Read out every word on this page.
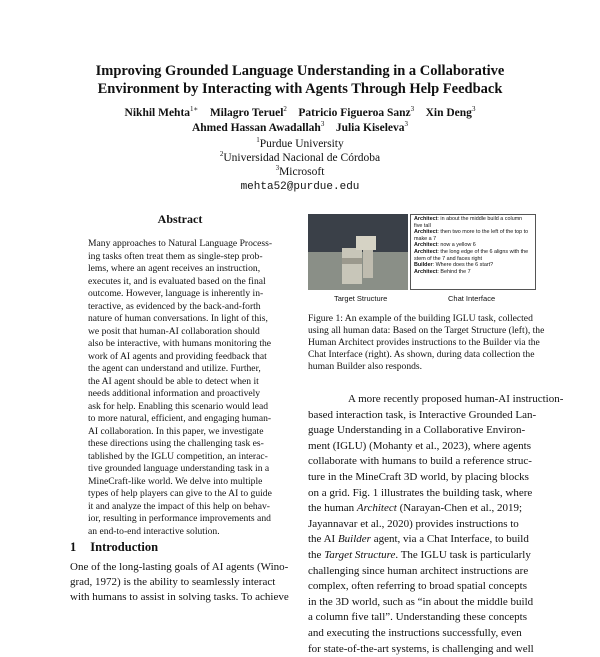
Improving Grounded Language Understanding in a Collaborative
Environment by Interacting with Agents Through Help Feedback
Nikhil Mehta$^{1∗}$ Milagro Teruel$^2$ Patricio Figueroa Sanz$^3$ Xin Deng$^3$
Ahmed Hassan Awadallah$^3$ Julia Kiseleva$^3$
$^1$Purdue University
$^2$Universidad Nacional de Córdoba
$^3$Microsoft
mehta52@purdue.edu
Abstract
Many approaches to Natural Language Process-
ing tasks often treat them as single-step prob-
lems, where an agent receives an instruction,
executes it, and is evaluated based on the final
outcome. However, language is inherently in-
teractive, as evidenced by the back-and-forth
nature of human conversations. In light of this,
we posit that human-AI collaboration should
also be interactive, with humans monitoring the
work of AI agents and providing feedback that
the agent can understand and utilize. Further,
the AI agent should be able to detect when it
needs additional information and proactively
ask for help. Enabling this scenario would lead
to more natural, efficient, and engaging human-
AI collaboration. In this paper, we investigate
these directions using the challenging task es-
tablished by the IGLU competition, an interac-
tive grounded language understanding task in a
MineCraft-like world. We delve into multiple
types of help players can give to the AI to guide
it and analyze the impact of this help on behav-
ior, resulting in performance improvements and
an end-to-end interactive solution.
1 Introduction
One of the long-lasting goals of AI agents (Wino-
grad, 1972) is the ability to seamlessly interact
with humans to assist in solving tasks. To achieve
Architect: in about the middle build a column five tall
Architect: then two more to the left of the top to make a 7
Architect: now a yellow 6
Architect: the long edge of the 6 aligns with the stem of the 7 and faces right
Builder: Where does the 6 start?
Architect: Behind the 7
Target Structure	Chat Interface
Figure 1: An example of the building IGLU task, collected
using all human data: Based on the Target Structure (left), the
Human Architect provides instructions to the Builder via the
Chat Interface (right). As shown, during data collection the
human Builder also responds.
A more recently proposed human-AI instruction-
based interaction task, is Interactive Grounded Lan-
guage Understanding in a Collaborative Environ-
ment (IGLU) (Mohanty et al., 2023), where agents
collaborate with humans to build a reference struc-
ture in the MineCraft 3D world, by placing blocks
on a grid. Fig. 1 illustrates the building task, where
the human Architect (Narayan-Chen et al., 2019;
Jayannavar et al., 2020) provides instructions to
the AI Builder agent, via a Chat Interface, to build
the Target Structure. The IGLU task is particularly
challenging since human architect instructions are
complex, often referring to broad spatial concepts
in the 3D world, such as “in about the middle build
a column five tall”. Understanding these concepts
and executing the instructions successfully, even
for state-of-the-art systems, is challenging and well
